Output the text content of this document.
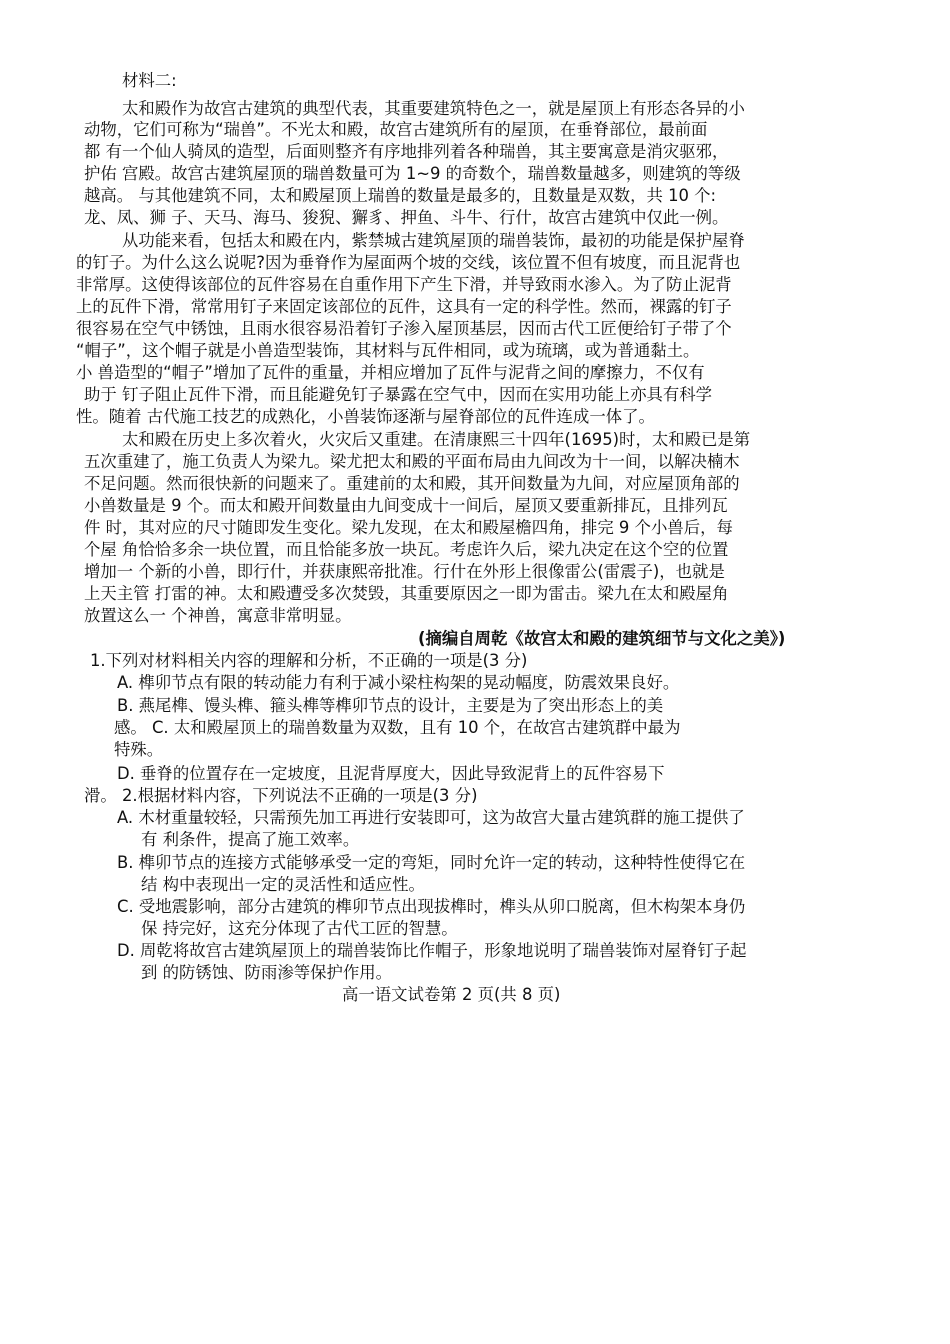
材料二:
太和殿作为故宫古建筑的典型代表，其重要建筑特色之一，就是屋顶上有形态各异的小
动物，它们可称为“瑞兽”。不光太和殿，故宫古建筑所有的屋顶，在垂脊部位，最前面
都 有一个仙人骑凤的造型，后面则整齐有序地排列着各种瑞兽，其主要寓意是消灾驱邪，
护佑 宫殿。故宫古建筑屋顶的瑞兽数量可为 1~9 的奇数个，瑞兽数量越多，则建筑的等级
越高。 与其他建筑不同，太和殿屋顶上瑞兽的数量是最多的，且数量是双数，共 10 个:
龙、凤、狮 子、天马、海马、狻猊、獬豸、押鱼、斗牛、行什，故宫古建筑中仅此一例。
从功能来看，包括太和殿在内，紫禁城古建筑屋顶的瑞兽装饰，最初的功能是保护屋脊
的钉子。为什么这么说呢?因为垂脊作为屋面两个坡的交线，该位置不但有坡度，而且泥背也
非常厚。这使得该部位的瓦件容易在自重作用下产生下滑，并导致雨水渗入。为了防止泥背
上的瓦件下滑，常常用钉子来固定该部位的瓦件，这具有一定的科学性。然而，裸露的钉子
很容易在空气中锈蚀，且雨水很容易沿着钉子渗入屋顶基层，因而古代工匠便给钉子带了个
“帽子”，这个帽子就是小兽造型装饰，其材料与瓦件相同，或为琉璃，或为普通黏土。
小 兽造型的“帽子”增加了瓦件的重量，并相应增加了瓦件与泥背之间的摩擦力，不仅有
助于 钉子阻止瓦件下滑，而且能避免钉子暴露在空气中，因而在实用功能上亦具有科学
性。随着 古代施工技艺的成熟化，小兽装饰逐渐与屋脊部位的瓦件连成一体了。
太和殿在历史上多次着火，火灾后又重建。在清康熙三十四年(1695)时，太和殿已是第
五次重建了，施工负责人为梁九。梁尤把太和殿的平面布局由九间改为十一间，以解决楠木
不足问题。然而很快新的问题来了。重建前的太和殿，其开间数量为九间，对应屋顶角部的
小兽数量是 9 个。而太和殿开间数量由九间变成十一间后，屋顶又要重新排瓦，且排列瓦
件 时，其对应的尺寸随即发生变化。梁九发现，在太和殿屋檐四角，排完 9 个小兽后，每
个屋 角恰恰多余一块位置，而且恰能多放一块瓦。考虑许久后，梁九决定在这个空的位置
增加一 个新的小兽，即行什，并获康熙帝批准。行什在外形上很像雷公(雷震子)，也就是
上天主管 打雷的神。太和殿遭受多次焚毁，其重要原因之一即为雷击。梁九在太和殿屋角
放置这么一 个神兽，寓意非常明显。
(摘编自周乾《故宫太和殿的建筑细节与文化之美》)
1.下列对材料相关内容的理解和分析，不正确的一项是(3 分)
A. 榫卯节点有限的转动能力有利于减小梁柱构架的晃动幅度，防震效果良好。
B. 燕尾榫、馒头榫、箍头榫等榫卯节点的设计，主要是为了突出形态上的美
感。 C. 太和殿屋顶上的瑞兽数量为双数，且有 10 个，在故宫古建筑群中最为
特殊。
D. 垂脊的位置存在一定坡度，且泥背厚度大，因此导致泥背上的瓦件容易下
滑。 2.根据材料内容，下列说法不正确的一项是(3 分)
A. 木材重量较轻，只需预先加工再进行安装即可，这为故宫大量古建筑群的施工提供了
有 利条件，提高了施工效率。
B. 榫卯节点的连接方式能够承受一定的弯矩，同时允许一定的转动，这种特性使得它在
结 构中表现出一定的灵活性和适应性。
C. 受地震影响，部分古建筑的榫卯节点出现拔榫时，榫头从卯口脱离，但木构架本身仍
保 持完好，这充分体现了古代工匠的智慧。
D. 周乾将故宫古建筑屋顶上的瑞兽装饰比作帽子，形象地说明了瑞兽装饰对屋脊钉子起
到 的防锈蚀、防雨渗等保护作用。
高一语文试卷第 2 页(共 8 页)
